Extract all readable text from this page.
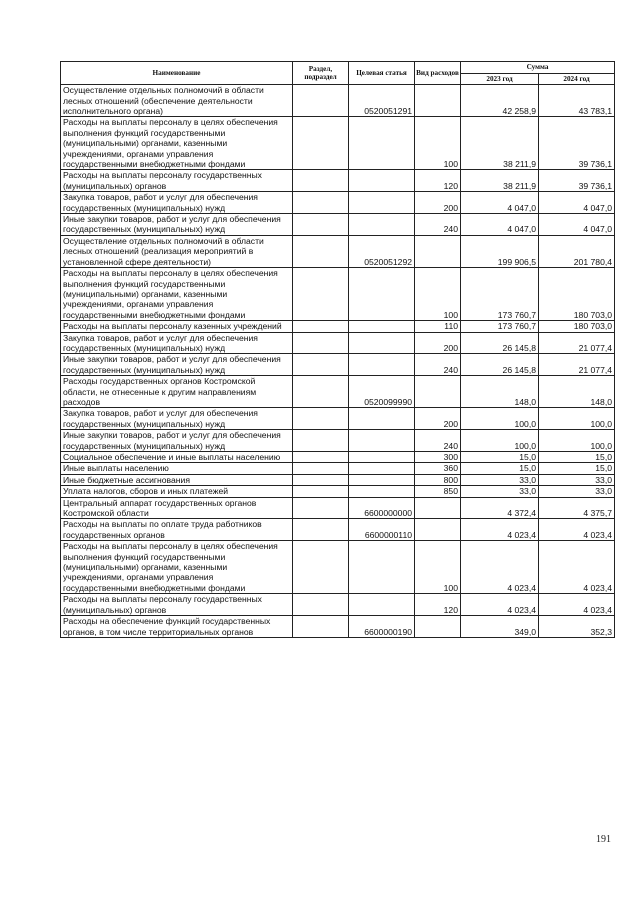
Наименование	Раздел, подраздел	Целевая статья	Вид расходов	Сумма	
				2023 год	2024 год
Осуществление отдельных полномочий в области лесных отношений (обеспечение деятельности исполнительного органа)		0520051291		42 258,9	43 783,1
Расходы на выплаты персоналу в целях обеспечения выполнения функций государственными (муниципальными) органами, казенными учреждениями, органами управления государственными внебюджетными фондами			100	38 211,9	39 736,1
Расходы на выплаты персоналу государственных (муниципальных) органов			120	38 211,9	39 736,1
Закупка товаров, работ и услуг для обеспечения государственных (муниципальных) нужд			200	4 047,0	4 047,0
Иные закупки товаров, работ и услуг для обеспечения государственных (муниципальных) нужд			240	4 047,0	4 047,0
Осуществление отдельных полномочий в области лесных отношений (реализация мероприятий в установленной сфере деятельности)		0520051292		199 906,5	201 780,4
Расходы на выплаты персоналу в целях обеспечения выполнения функций государственными (муниципальными) органами, казенными учреждениями, органами управления государственными внебюджетными фондами			100	173 760,7	180 703,0
Расходы на выплаты персоналу казенных учреждений			110	173 760,7	180 703,0
Закупка товаров, работ и услуг для обеспечения государственных (муниципальных) нужд			200	26 145,8	21 077,4
Иные закупки товаров, работ и услуг для обеспечения государственных (муниципальных) нужд			240	26 145,8	21 077,4
Расходы государственных органов Костромской области, не отнесенные к другим направлениям расходов		0520099990		148,0	148,0
Закупка товаров, работ и услуг для обеспечения государственных (муниципальных) нужд			200	100,0	100,0
Иные закупки товаров, работ и услуг для обеспечения государственных (муниципальных) нужд			240	100,0	100,0
Социальное обеспечение и иные выплаты населению			300	15,0	15,0
Иные выплаты населению			360	15,0	15,0
Иные бюджетные ассигнования			800	33,0	33,0
Уплата налогов, сборов и иных платежей			850	33,0	33,0
Центральный аппарат государственных органов Костромской области		6600000000		4 372,4	4 375,7
Расходы на выплаты по оплате труда работников государственных органов		6600000110		4 023,4	4 023,4
Расходы на выплаты персоналу в целях обеспечения выполнения функций государственными (муниципальными) органами, казенными учреждениями, органами управления государственными внебюджетными фондами			100	4 023,4	4 023,4
Расходы на выплаты персоналу государственных (муниципальных) органов			120	4 023,4	4 023,4
Расходы на обеспечение функций государственных органов, в том числе территориальных органов		6600000190		349,0	352,3
191
